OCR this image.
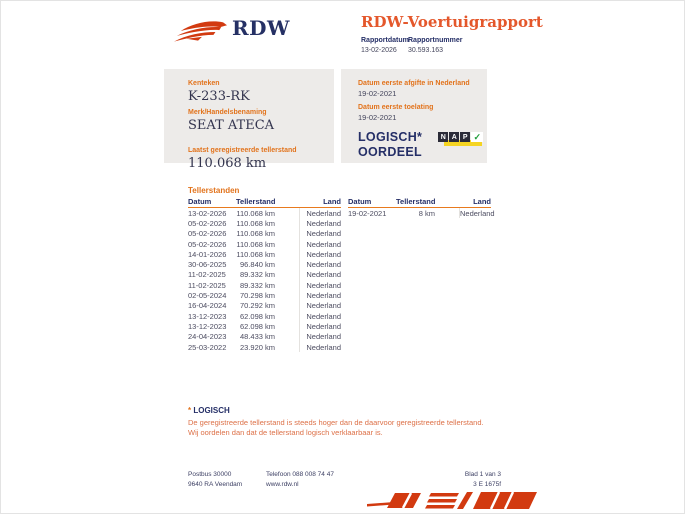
RDW	RDW-Voertuigrapport
Rapportdatum
13-02-2026
Rapportnummer
30.593.163
Kenteken
K-233-RK
Merk/Handelsbenaming
SEAT ATECA
Laatst geregistreerde tellerstand
110.068 km
Datum eerste afgifte in Nederland
19-02-2021
Datum eerste toelating
19-02-2021
LOGISCH*
OORDEEL
N A P ✓
Tellerstanden
Datum	Tellerstand	Land
13-02-2026	110.068 km	Nederland
05-02-2026	110.068 km	Nederland
05-02-2026	110.068 km	Nederland
05-02-2026	110.068 km	Nederland
14-01-2026	110.068 km	Nederland
30-06-2025	96.840 km	Nederland
11-02-2025	89.332 km	Nederland
11-02-2025	89.332 km	Nederland
02-05-2024	70.298 km	Nederland
16-04-2024	70.292 km	Nederland
13-12-2023	62.098 km	Nederland
13-12-2023	62.098 km	Nederland
24-04-2023	48.433 km	Nederland
25-03-2022	23.920 km	Nederland
Datum	Tellerstand	Land
19-02-2021	8 km	Nederland
* LOGISCH
De geregistreerde tellerstand is steeds hoger dan de daarvoor geregistreerde tellerstand. Wij oordelen dan dat de tellerstand logisch verklaarbaar is.
Postbus 30000
9640 RA Veendam
Telefoon 088 008 74 47
www.rdw.nl
Blad 1 van 3
3 E 1675f
